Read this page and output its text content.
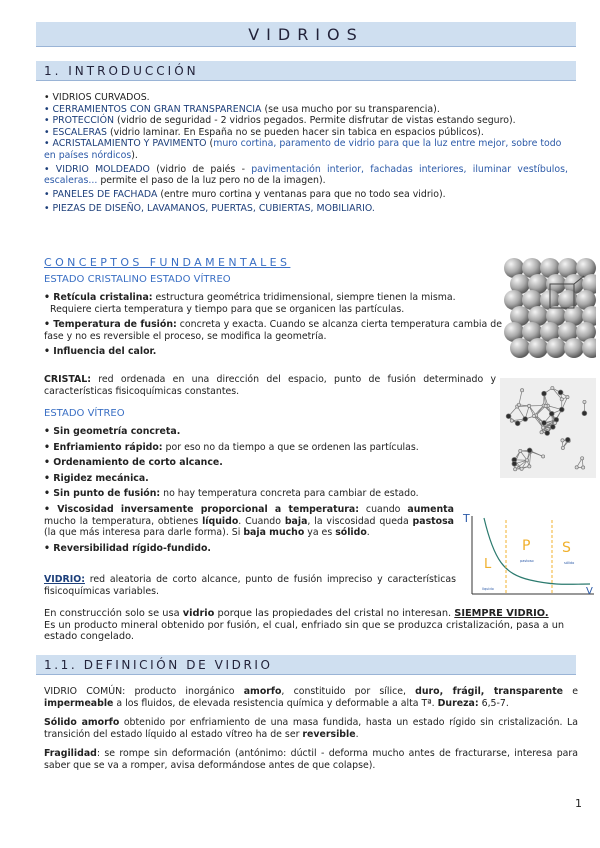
VIDRIOS
1. INTRODUCCIÓN

• VIDRIOS CURVADOS.

• CERRAMIENTOS CON GRAN TRANSPARENCIA (se usa mucho por su transparencia).

• PROTECCIÓN (vidrio de seguridad - 2 vidrios pegados. Permite disfrutar de vistas estando seguro).

• ESCALERAS (vidrio laminar. En España no se pueden hacer sin tabica en espacios públicos).

• ACRISTALAMIENTO Y PAVIMENTO (muro cortina, paramento de vidrio para que la luz entre mejor, sobre todo en países nórdicos).

• VIDRIO MOLDEADO (vidrio de paiés - pavimentación interior, fachadas interiores, iluminar vestíbulos, escaleras... permite el paso de la luz pero no de la imagen).

• PANELES DE FACHADA (entre muro cortina y ventanas para que no todo sea vidrio).

• PIEZAS DE DISEÑO, LAVAMANOS, PUERTAS, CUBIERTAS, MOBILIARIO.

CONCEPTOS FUNDAMENTALES
ESTADO CRISTALINO ESTADO VÍTREO

• Retícula cristalina: estructura geométrica tridimensional, siempre tienen la misma.

Requiere cierta temperatura y tiempo para que se organicen las partículas.

• Temperatura de fusión: concreta y exacta. Cuando se alcanza cierta temperatura cambia de fase y no es reversible el proceso, se modifica la geometría.

• Influencia del calor.

CRISTAL: red ordenada en una dirección del espacio, punto de fusión determinado y características fisicoquímicas constantes.
ESTADO VÍTREO

• Sin geometría concreta.

• Enfriamiento rápido: por eso no da tiempo a que se ordenen las partículas.

• Ordenamiento de corto alcance.

• Rigidez mecánica.

• Sin punto de fusión: no hay temperatura concreta para cambiar de estado.

• Viscosidad inversamente proporcional a temperatura: cuando aumenta mucho la temperatura, obtienes líquido. Cuando baja, la viscosidad queda pastosa (la que más interesa para darle forma). Si baja mucho ya es sólido.

• Reversibilidad rígido-fundido.

VIDRIO: red aleatoria de corto alcance, punto de fusión impreciso y características fisicoquímicas variables.

En construcción solo se usa vidrio porque las propiedades del cristal no interesan. SIEMPRE VIDRIO.

Es un producto mineral obtenido por fusión, el cual, enfriado sin que se produzca cristalización, pasa a un estado congelado.

T
V
L
P S
líquido
pastoso	sólido
1.1. DEFINICIÓN DE VIDRIO

VIDRIO COMÚN: producto inorgánico amorfo, constituido por sílice, duro, frágil, transparente e impermeable a los fluidos, de elevada resistencia química y deformable a alta Tª. Dureza: 6,5-7.

Sólido amorfo obtenido por enfriamiento de una masa fundida, hasta un estado rígido sin cristalización. La transición del estado líquido al estado vítreo ha de ser reversible.

Fragilidad: se rompe sin deformación (antónimo: dúctil - deforma mucho antes de fracturarse, interesa para saber que se va a romper, avisa deformándose antes de que colapse).

1
